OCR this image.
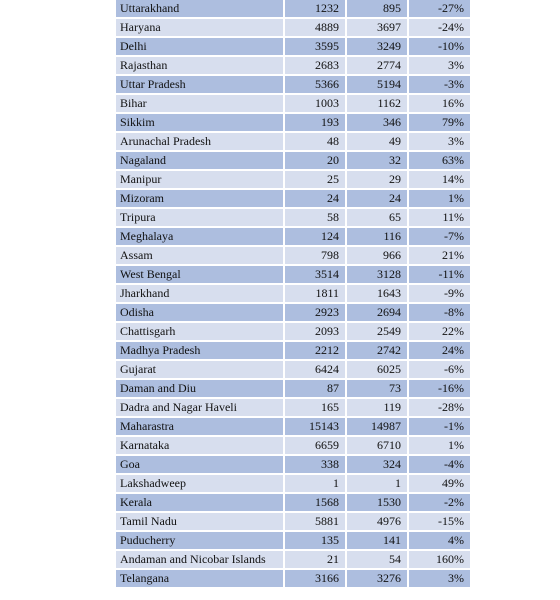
Uttarakhand	1232	895	-27%
Haryana	4889	3697	-24%
Delhi	3595	3249	-10%
Rajasthan	2683	2774	3%
Uttar Pradesh	5366	5194	-3%
Bihar	1003	1162	16%
Sikkim	193	346	79%
Arunachal Pradesh	48	49	3%
Nagaland	20	32	63%
Manipur	25	29	14%
Mizoram	24	24	1%
Tripura	58	65	11%
Meghalaya	124	116	-7%
Assam	798	966	21%
West Bengal	3514	3128	-11%
Jharkhand	1811	1643	-9%
Odisha	2923	2694	-8%
Chattisgarh	2093	2549	22%
Madhya Pradesh	2212	2742	24%
Gujarat	6424	6025	-6%
Daman and Diu	87	73	-16%
Dadra and Nagar Haveli	165	119	-28%
Maharastra	15143	14987	-1%
Karnataka	6659	6710	1%
Goa	338	324	-4%
Lakshadweep	1	1	49%
Kerala	1568	1530	-2%
Tamil Nadu	5881	4976	-15%
Puducherry	135	141	4%
Andaman and Nicobar Islands	21	54	160%
Telangana	3166	3276	3%
